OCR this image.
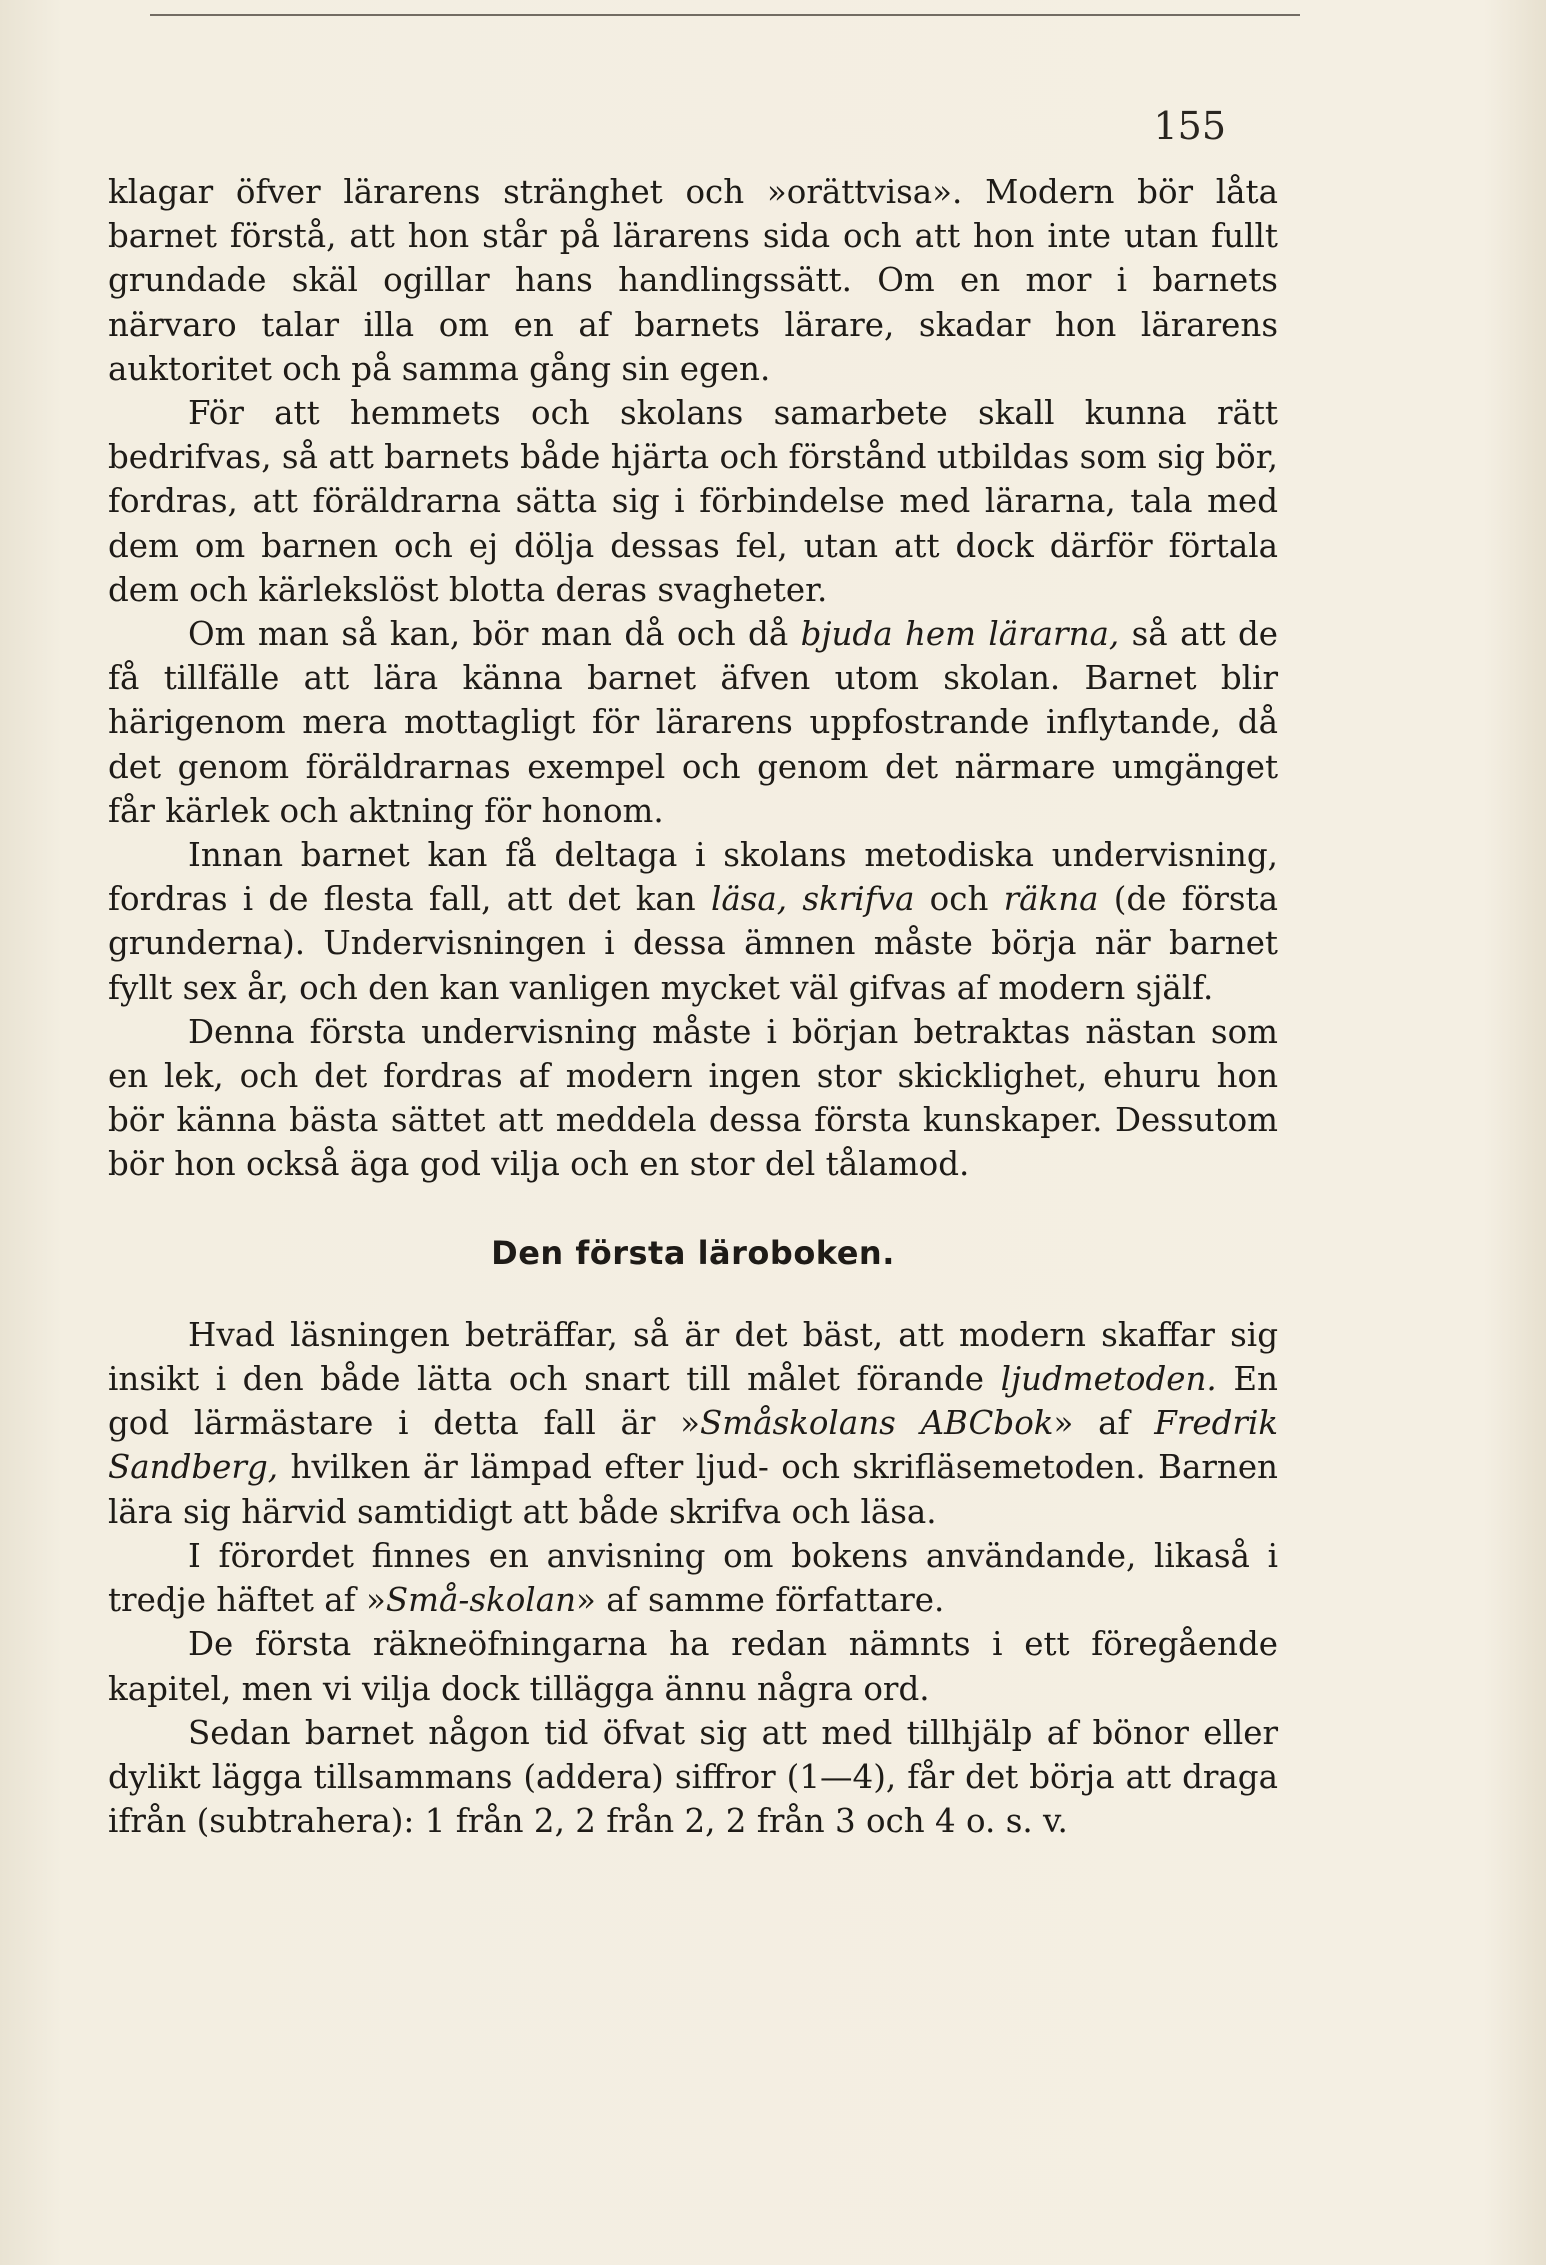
155

klagar öfver lärarens stränghet och »orättvisa». Modern bör låta barnet förstå, att hon står på lärarens sida och att hon inte utan fullt grundade skäl ogillar hans handlingssätt. Om en mor i barnets närvaro talar illa om en af barnets lärare, skadar hon lärarens auktoritet och på samma gång sin egen.

För att hemmets och skolans samarbete skall kunna rätt bedrifvas, så att barnets både hjärta och förstånd utbildas som sig bör, fordras, att föräldrarna sätta sig i förbindelse med lärarna, tala med dem om barnen och ej dölja dessas fel, utan att dock därför förtala dem och kärlekslöst blotta deras svagheter.

Om man så kan, bör man då och då bjuda hem lärarna, så att de få tillfälle att lära känna barnet äfven utom skolan. Barnet blir härigenom mera mottagligt för lärarens uppfostrande inflytande, då det genom föräldrarnas exempel och genom det närmare umgänget får kärlek och aktning för honom.

Innan barnet kan få deltaga i skolans metodiska undervisning, fordras i de flesta fall, att det kan läsa, skrifva och räkna (de första grunderna). Undervisningen i dessa ämnen måste börja när barnet fyllt sex år, och den kan vanligen mycket väl gifvas af modern själf.

Denna första undervisning måste i början betraktas nästan som en lek, och det fordras af modern ingen stor skicklighet, ehuru hon bör känna bästa sättet att meddela dessa första kunskaper. Dessutom bör hon också äga god vilja och en stor del tålamod.

Den första läroboken.

Hvad läsningen beträffar, så är det bäst, att modern skaffar sig insikt i den både lätta och snart till målet förande ljudmetoden. En god lärmästare i detta fall är »Småskolans ABCbok» af Fredrik Sandberg, hvilken är lämpad efter ljud- och skrifläsemetoden. Barnen lära sig härvid samtidigt att både skrifva och läsa.

I förordet finnes en anvisning om bokens användande, likaså i tredje häftet af »Små-skolan» af samme författare.

De första räkneöfningarna ha redan nämnts i ett föregående kapitel, men vi vilja dock tillägga ännu några ord.

Sedan barnet någon tid öfvat sig att med tillhjälp af bönor eller dylikt lägga tillsammans (addera) siffror (1—4), får det börja att draga ifrån (subtrahera): 1 från 2, 2 från 2, 2 från 3 och 4 o. s. v.
